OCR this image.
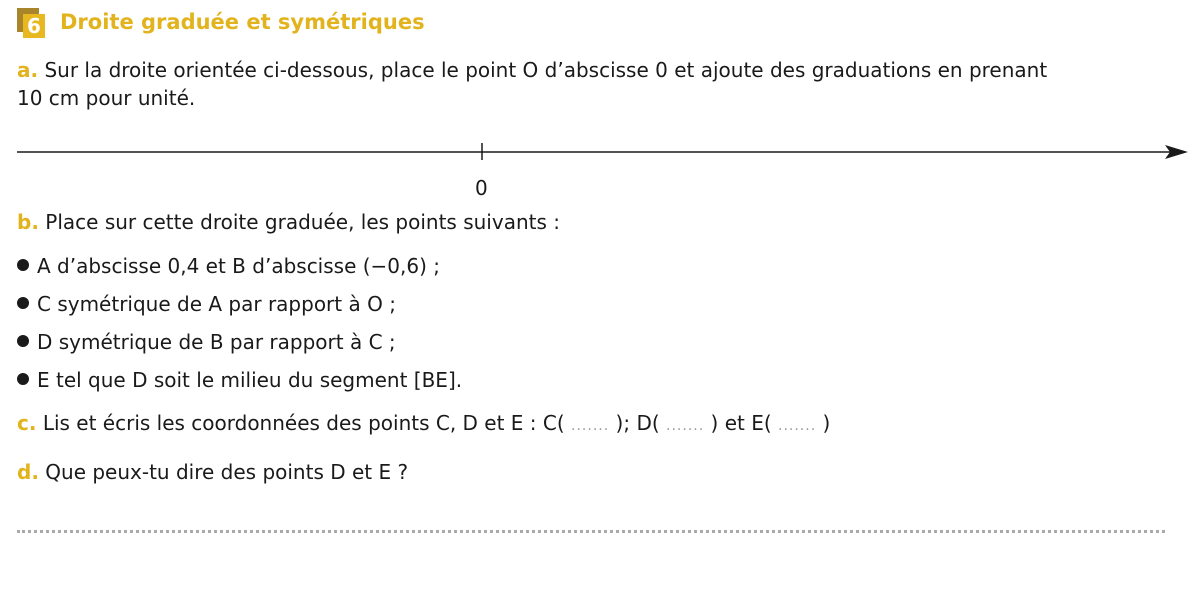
6 Droite graduée et symétriques
a. Sur la droite orientée ci-dessous, place le point O d’abscisse 0 et ajoute des graduations en prenant
10 cm pour unité.
0
b. Place sur cette droite graduée, les points suivants :
A d’abscisse 0,4 et B d’abscisse (−0,6) ;
C symétrique de A par rapport à O ;
D symétrique de B par rapport à C ;
E tel que D soit le milieu du segment [BE].
c. Lis et écris les coordonnées des points C, D et E : C( ....... ); D( ....... ) et E( ....... )
d. Que peux-tu dire des points D et E ?
